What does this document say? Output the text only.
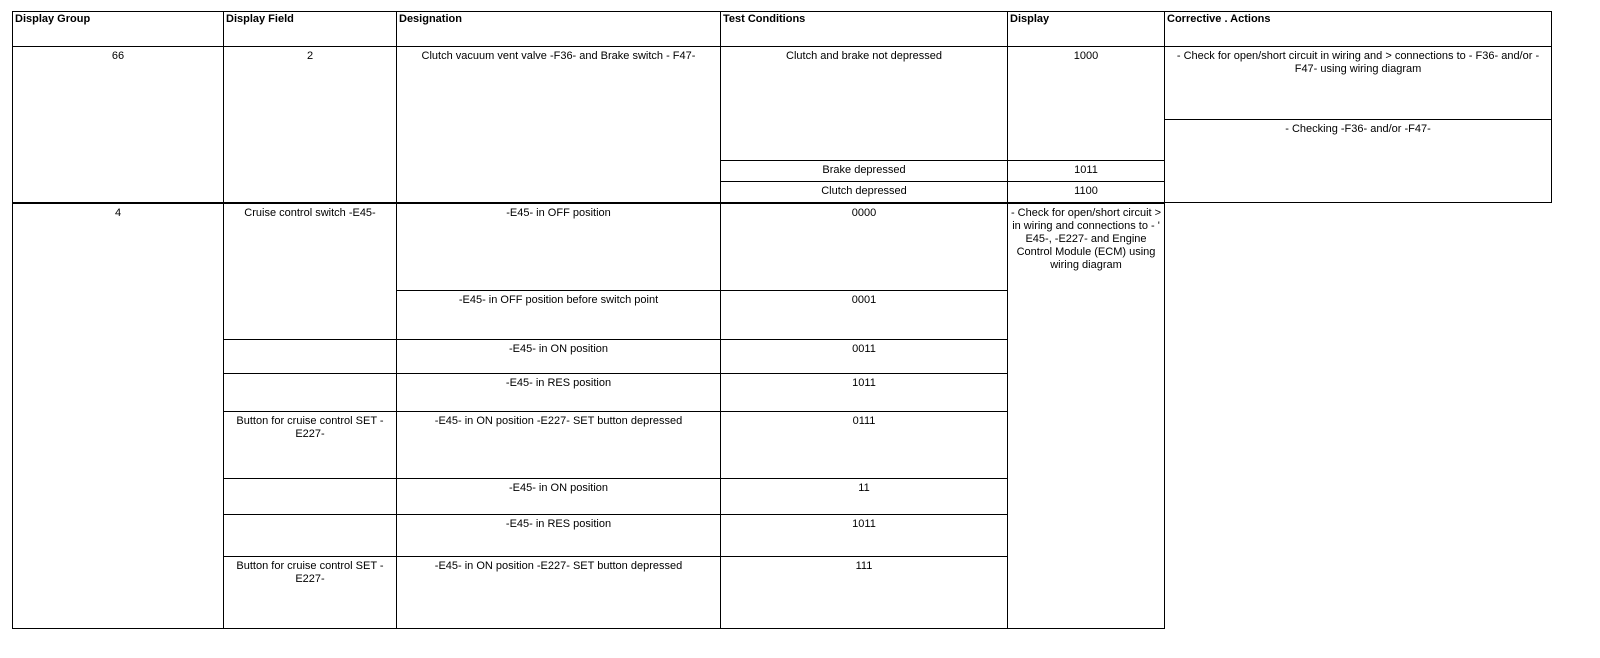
Display Group	Display Field	Designation	Test Conditions	Display	Corrective . Actions
66	2	Clutch vacuum vent valve -F36- and Brake switch - F47-	Clutch and brake not depressed	1000	- Check for open/short circuit in wiring and > connections to - F36- and/or -F47- using wiring diagram
					- Checking -F36- and/or -F47-
			Brake depressed	1011	
			Clutch depressed	1100	
4	Cruise control switch -E45-	-E45- in OFF position	0000	- Check for open/short circuit > in wiring and connections to - ' E45-, -E227- and Engine Control Module (ECM) using wiring diagram	
		-E45- in OFF position before switch point	0001		
		-E45- in ON position	0011		
		-E45- in RES position	1011		
	Button for cruise control SET -E227-	-E45- in ON position -E227- SET button depressed	0111		
		-E45- in ON position	11		
		-E45- in RES position	1011		
	Button for cruise control SET -E227-	-E45- in ON position -E227- SET button depressed	111		
